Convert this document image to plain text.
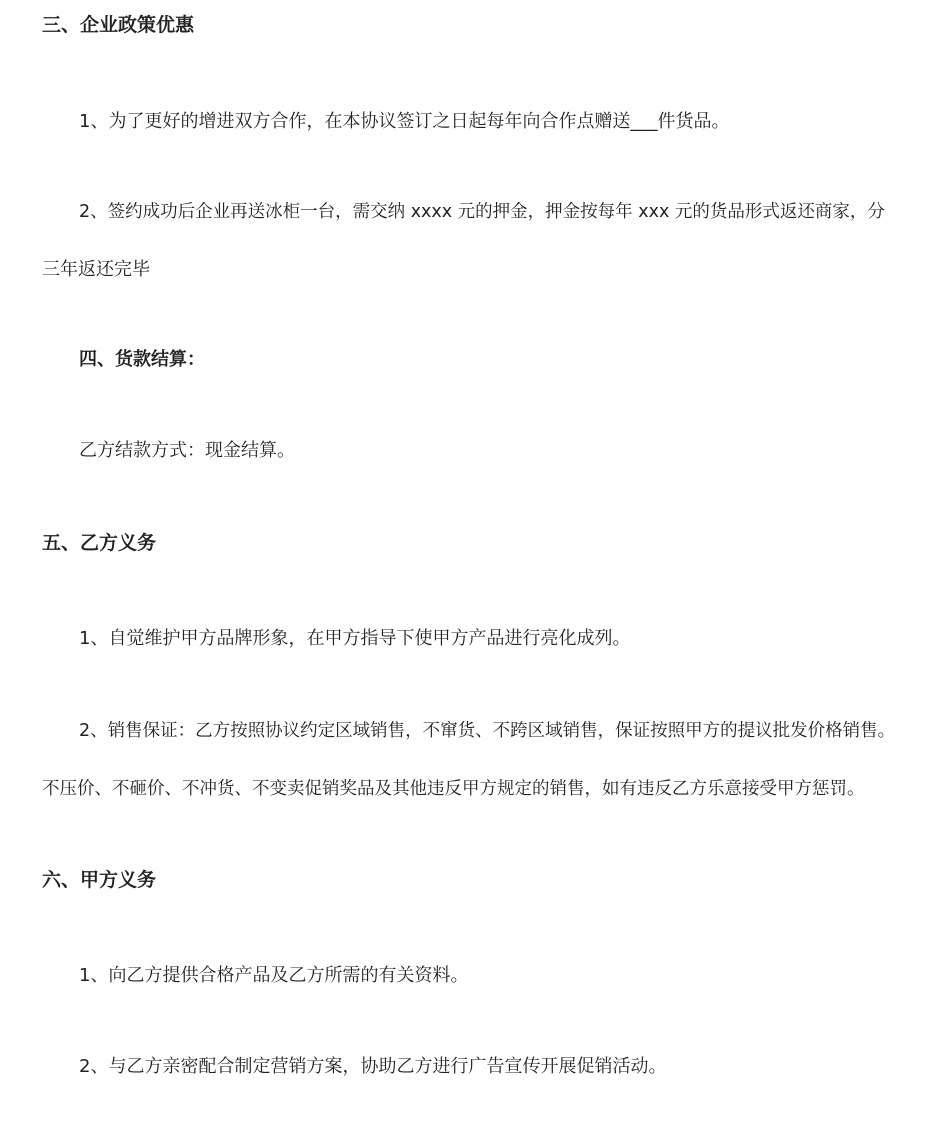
三、企业政策优惠
1、为了更好的增进双方合作，在本协议签订之日起每年向合作点赠送___件货品。
2、签约成功后企业再送冰柜一台，需交纳 xxxx 元的押金，押金按每年 xxx 元的货品形式返还商家，分
三年返还完毕
四、货款结算：
乙方结款方式：现金结算。
五、乙方义务
1、自觉维护甲方品牌形象，在甲方指导下使甲方产品进行亮化成列。
2、销售保证：乙方按照协议约定区域销售，不窜货、不跨区域销售，保证按照甲方的提议批发价格销售。
不压价、不砸价、不冲货、不变卖促销奖品及其他违反甲方规定的销售，如有违反乙方乐意接受甲方惩罚。
六、甲方义务
1、向乙方提供合格产品及乙方所需的有关资料。
2、与乙方亲密配合制定营销方案，协助乙方进行广告宣传开展促销活动。
